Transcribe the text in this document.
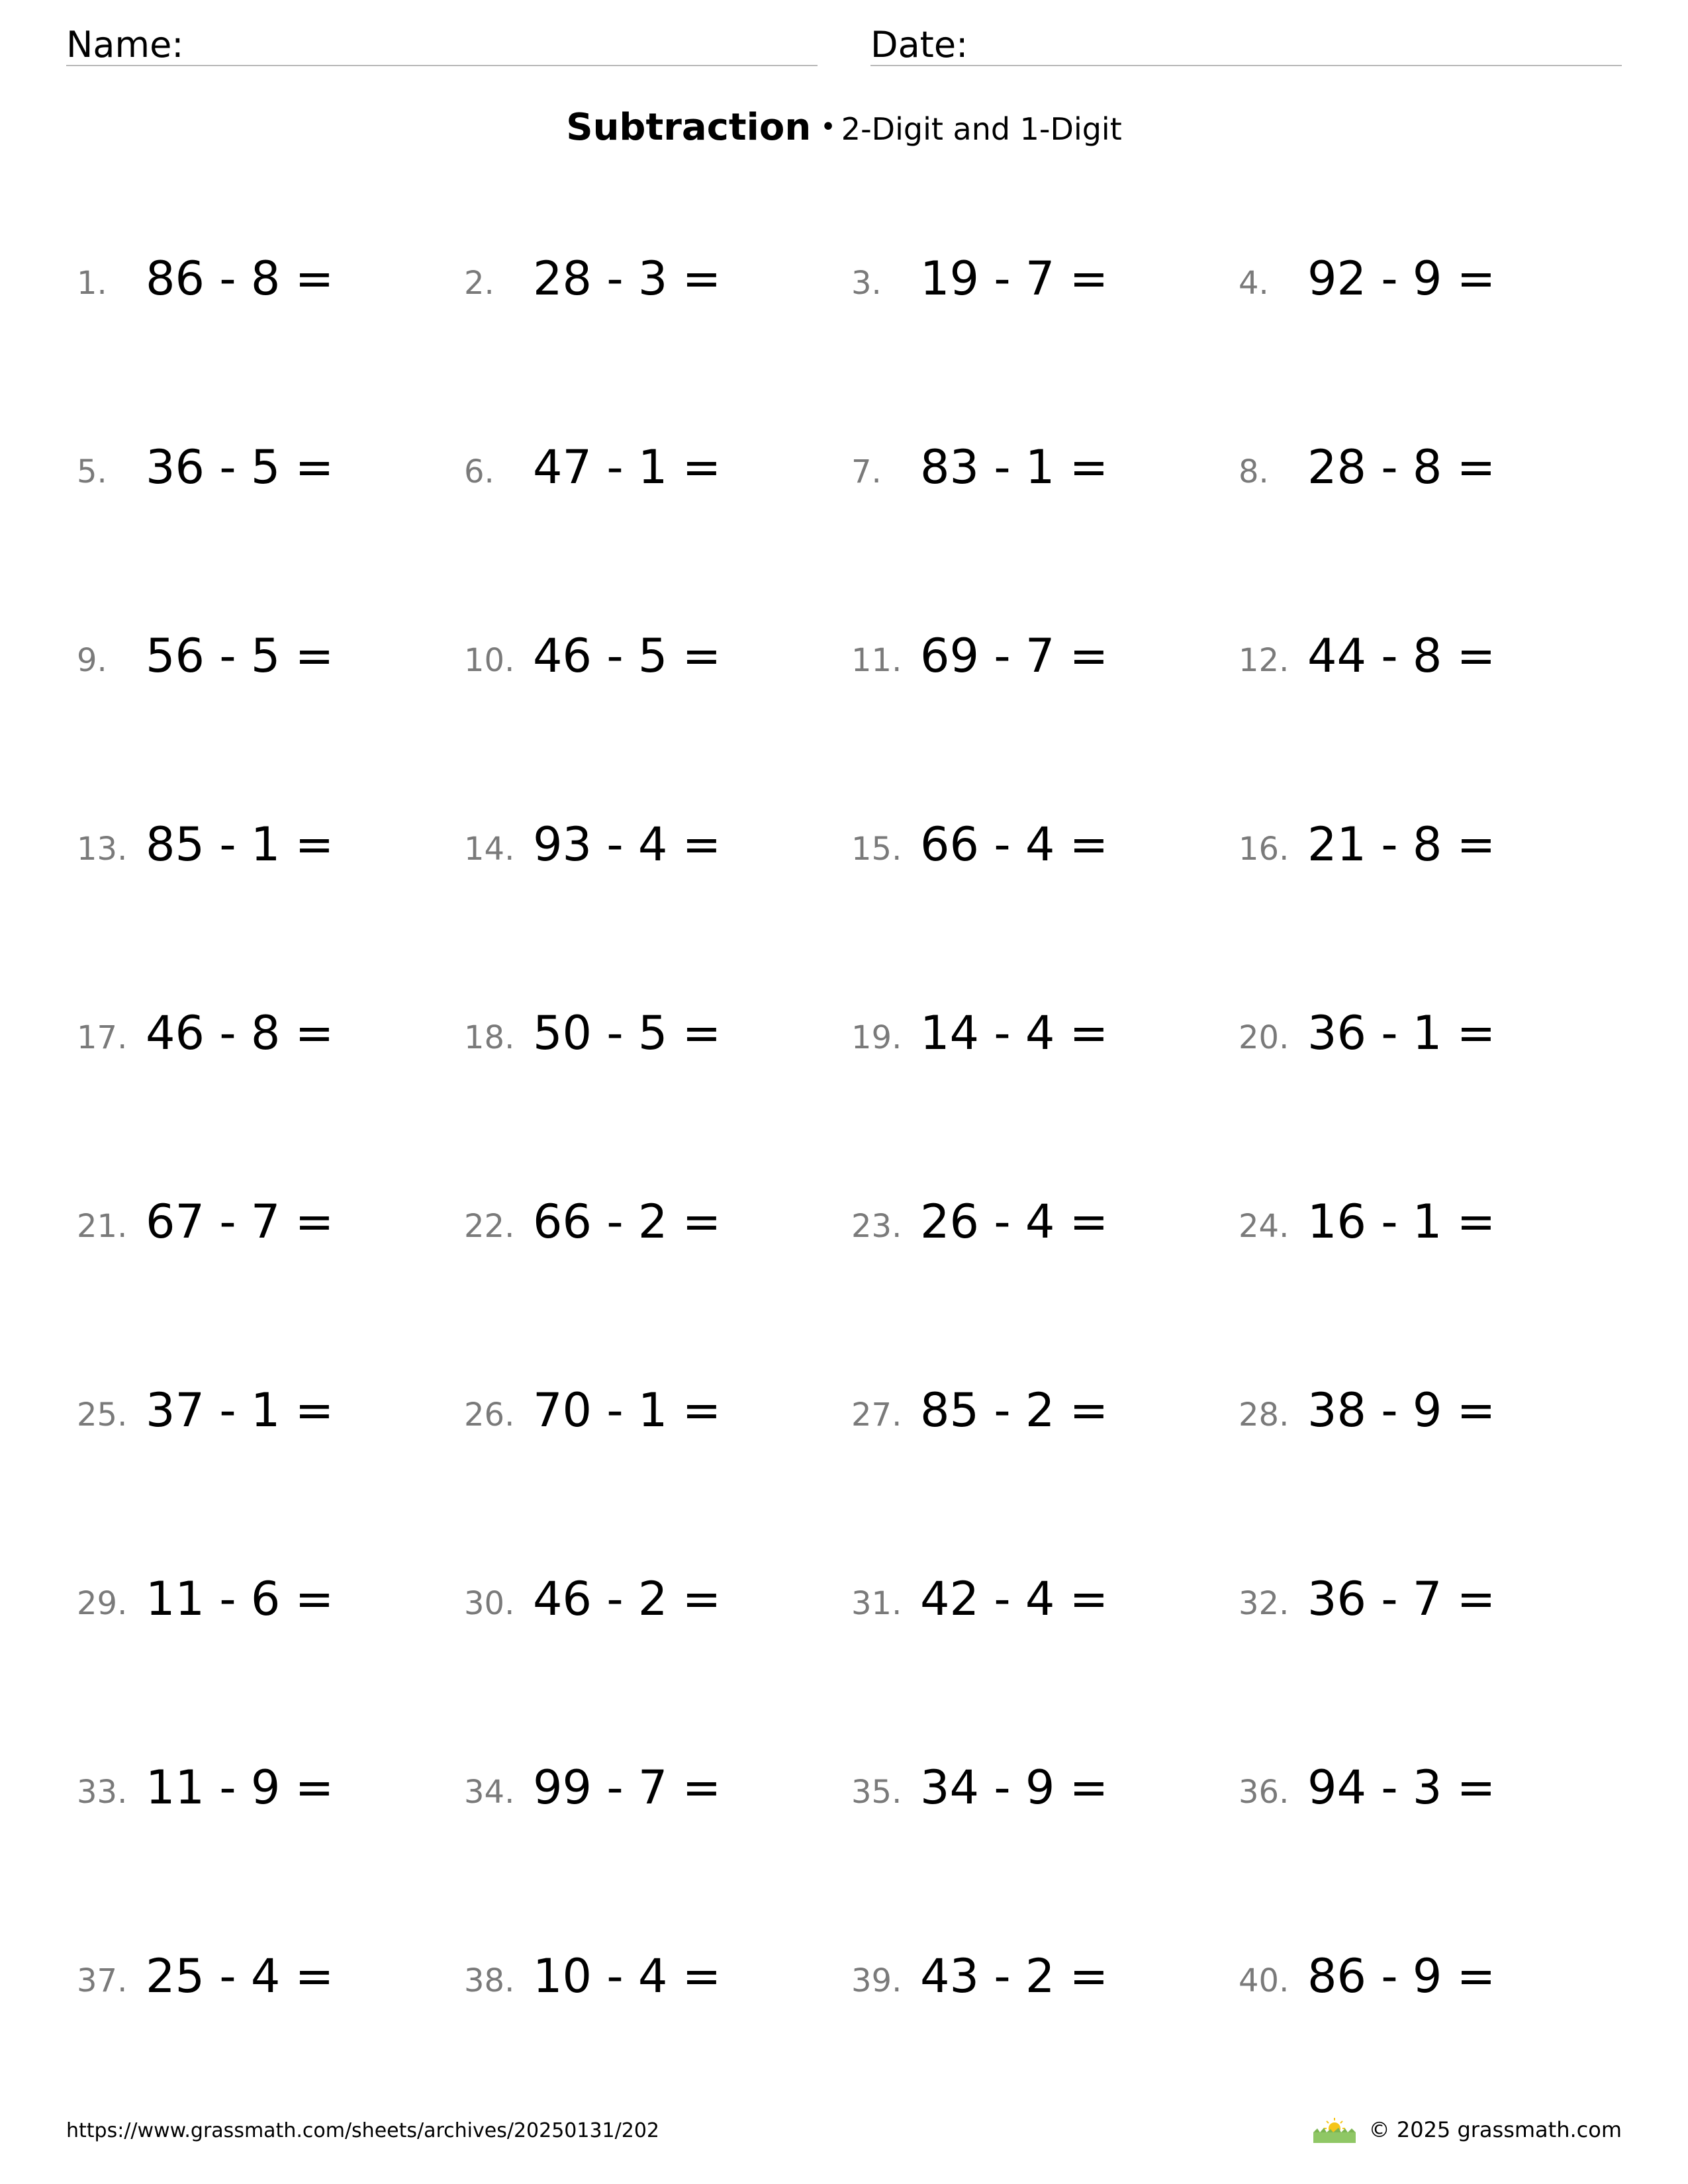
Name:	Date:
Subtraction • 2-Digit and 1-Digit
1. 86 - 8 =	2. 28 - 3 =	3. 19 - 7 =	4. 92 - 9 =
5. 36 - 5 =	6. 47 - 1 =	7. 83 - 1 =	8. 28 - 8 =
9. 56 - 5 =	10. 46 - 5 =	11. 69 - 7 =	12. 44 - 8 =
13. 85 - 1 =	14. 93 - 4 =	15. 66 - 4 =	16. 21 - 8 =
17. 46 - 8 =	18. 50 - 5 =	19. 14 - 4 =	20. 36 - 1 =
21. 67 - 7 =	22. 66 - 2 =	23. 26 - 4 =	24. 16 - 1 =
25. 37 - 1 =	26. 70 - 1 =	27. 85 - 2 =	28. 38 - 9 =
29. 11 - 6 =	30. 46 - 2 =	31. 42 - 4 =	32. 36 - 7 =
33. 11 - 9 =	34. 99 - 7 =	35. 34 - 9 =	36. 94 - 3 =
37. 25 - 4 =	38. 10 - 4 =	39. 43 - 2 =	40. 86 - 9 =
https://www.grassmath.com/sheets/archives/20250131/202	© 2025 grassmath.com
